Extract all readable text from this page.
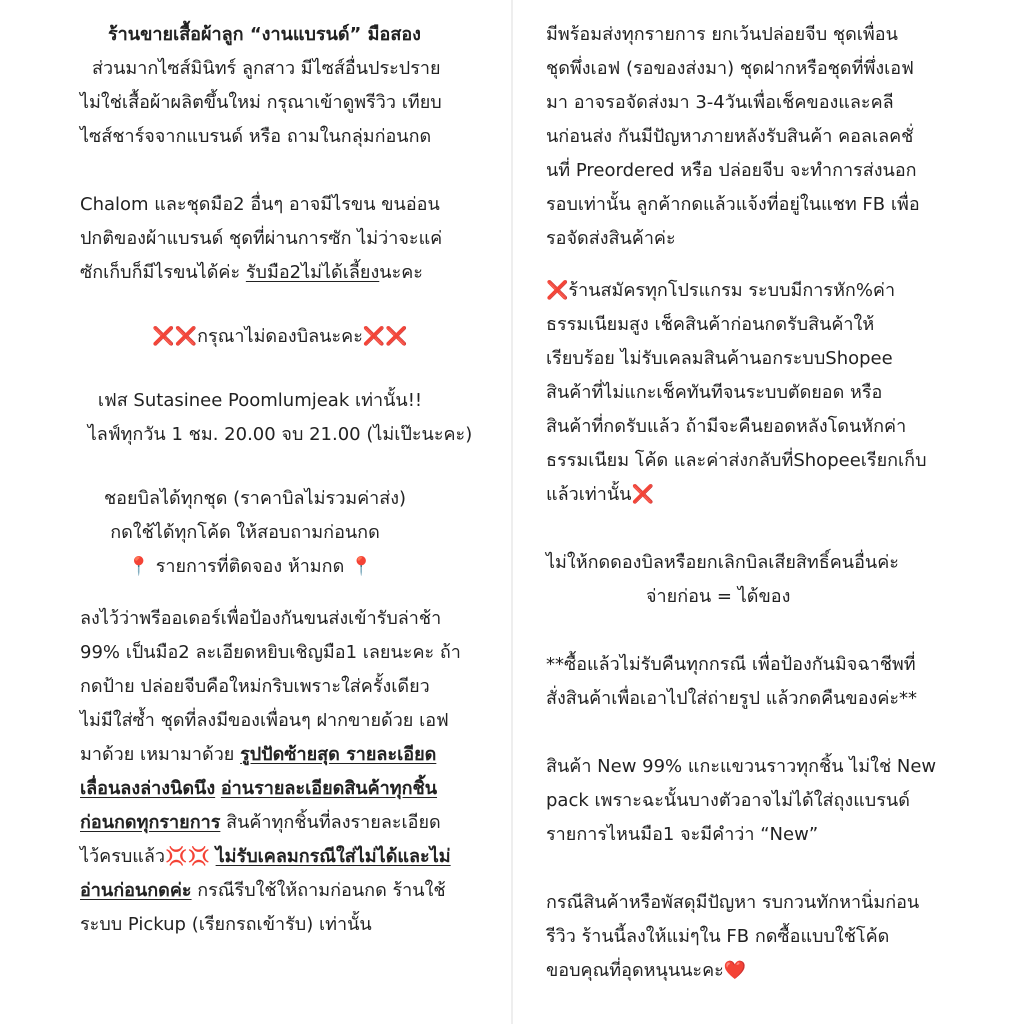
ร้านขายเสื้อผ้าลูก “งานแบรนด์” มือสอง
ส่วนมากไซส์มินิทร์ ลูกสาว มีไซส์อื่นประปราย
ไม่ใช่เสื้อผ้าผลิตขึ้นใหม่ กรุณาเข้าดูพรีวิว เทียบ
ไซส์ชาร์จจากแบรนด์ หรือ ถามในกลุ่มก่อนกด
Chalom และชุดมือ2 อื่นๆ อาจมีไรขน ขนอ่อน
ปกติของผ้าแบรนด์ ชุดที่ผ่านการซัก ไม่ว่าจะแค่
ซักเก็บก็มีไรขนได้ค่ะ รับมือ2ไม่ได้เลี้ยงนะคะ
❌❌กรุณาไม่ดองบิลนะคะ❌❌
เฟส Sutasinee Poomlumjeak เท่านั้น!!
ไลฟ์ทุกวัน 1 ชม. 20.00 จบ 21.00 (ไม่เป๊ะนะคะ)
ชอยบิลได้ทุกชุด (ราคาบิลไม่รวมค่าส่ง)
กดใช้ได้ทุกโค้ด ให้สอบถามก่อนกด
📍 รายการที่ติดจอง ห้ามกด 📍
ลงไว้ว่าพรีออเดอร์เพื่อป้องกันขนส่งเข้ารับล่าช้า
99% เป็นมือ2 ละเอียดหยิบเชิญมือ1 เลยนะคะ ถ้า
กดป้าย ปล่อยจีบคือใหม่กริบเพราะใส่ครั้งเดียว
ไม่มีใส่ซ้ำ ชุดที่ลงมีของเพื่อนๆ ฝากขายด้วย เอฟ
มาด้วย เหมามาด้วย รูปปัดซ้ายสุด รายละเอียด
เลื่อนลงล่างนิดนึง อ่านรายละเอียดสินค้าทุกชิ้น
ก่อนกดทุกรายการ สินค้าทุกชิ้นที่ลงรายละเอียด
ไว้ครบแล้ว💢💢 ไม่รับเคลมกรณีใส่ไม่ได้และไม่
อ่านก่อนกดค่ะ กรณีรีบใช้ให้ถามก่อนกด ร้านใช้
ระบบ Pickup (เรียกรถเข้ารับ) เท่านั้น
มีพร้อมส่งทุกรายการ ยกเว้นปล่อยจีบ ชุดเพื่อน
ชุดพึ่งเอฟ (รอของส่งมา) ชุดฝากหรือชุดที่พึ่งเอฟ
มา อาจรอจัดส่งมา 3-4วันเพื่อเช็คของและคลี
นก่อนส่ง กันมีปัญหาภายหลังรับสินค้า คอลเลคชั่
นที่ Preordered หรือ ปล่อยจีบ จะทำการส่งนอก
รอบเท่านั้น ลูกค้ากดแล้วแจ้งที่อยู่ในแชท FB เพื่อ
รอจัดส่งสินค้าค่ะ
❌ร้านสมัครทุกโปรแกรม ระบบมีการหัก%ค่า
ธรรมเนียมสูง เช็คสินค้าก่อนกดรับสินค้าให้
เรียบร้อย ไม่รับเคลมสินค้านอกระบบShopee
สินค้าที่ไม่แกะเช็คทันทีจนระบบตัดยอด หรือ
สินค้าที่กดรับแล้ว ถ้ามีจะคืนยอดหลังโดนหักค่า
ธรรมเนียม โค้ด และค่าส่งกลับที่Shopeeเรียกเก็บ
แล้วเท่านั้น❌
ไม่ให้กดดองบิลหรือยกเลิกบิลเสียสิทธิ์คนอื่นค่ะ
จ่ายก่อน = ได้ของ
**ซื้อแล้วไม่รับคืนทุกกรณี เพื่อป้องกันมิจฉาชีพที่
สั่งสินค้าเพื่อเอาไปใส่ถ่ายรูป แล้วกดคืนของค่ะ**
สินค้า New 99% แกะแขวนราวทุกชิ้น ไม่ใช่ New
pack เพราะฉะนั้นบางตัวอาจไม่ได้ใส่ถุงแบรนด์
รายการไหนมือ1 จะมีคำว่า “New”
กรณีสินค้าหรือพัสดุมีปัญหา รบกวนทักหานิ่มก่อน
รีวิว ร้านนี้ลงให้แม่ๆใน FB กดซื้อแบบใช้โค้ด
ขอบคุณที่อุดหนุนนะคะ❤️
